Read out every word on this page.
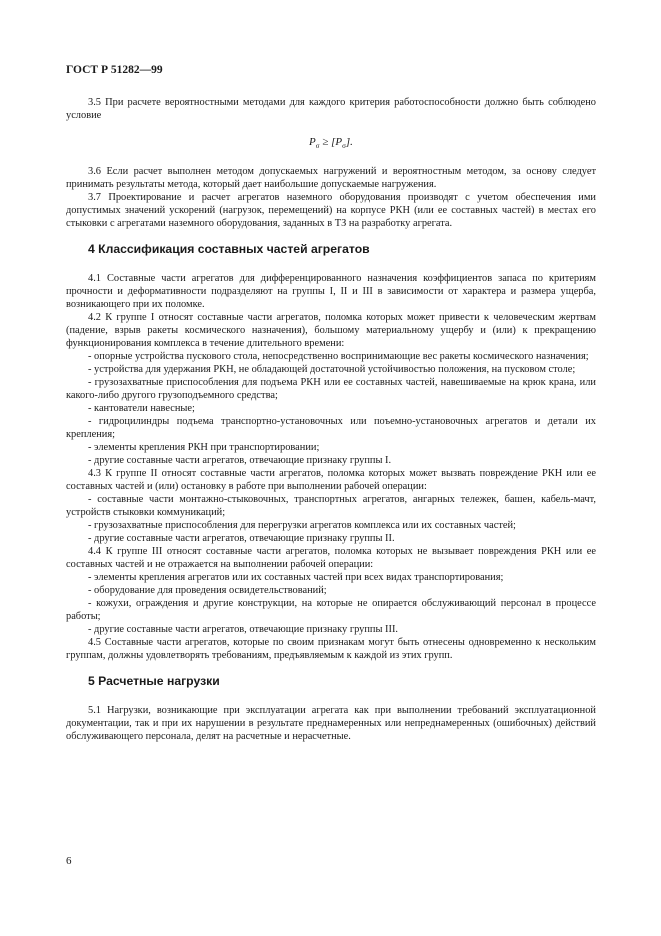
ГОСТ Р 51282—99

3.5 При расчете вероятностными методами для каждого критерия работоспособности должно быть соблюдено условие

$P_\sigma \ge [P_\sigma]$.

3.6 Если расчет выполнен методом допускаемых нагружений и вероятностным методом, за основу следует принимать результаты метода, который дает наибольшие допускаемые нагружения.

3.7 Проектирование и расчет агрегатов наземного оборудования производят с учетом обеспечения ими допустимых значений ускорений (нагрузок, перемещений) на корпусе РКН (или ее составных частей) в местах его стыковки с агрегатами наземного оборудования, заданных в ТЗ на разработку агрегата.

4 Классификация составных частей агрегатов

4.1 Составные части агрегатов для дифференцированного назначения коэффициентов запаса по критериям прочности и деформативности подразделяют на группы I, II и III в зависимости от характера и размера ущерба, возникающего при их поломке.

4.2 К группе I относят составные части агрегатов, поломка которых может привести к человеческим жертвам (падение, взрыв ракеты космического назначения), большому материальному ущербу и (или) к прекращению функционирования комплекса в течение длительного времени:

- опорные устройства пускового стола, непосредственно воспринимающие вес ракеты космического назначения;

- устройства для удержания РКН, не обладающей достаточной устойчивостью положения, на пусковом столе;

- грузозахватные приспособления для подъема РКН или ее составных частей, навешиваемые на крюк крана, или какого-либо другого грузоподъемного средства;

- кантователи навесные;

- гидроцилиндры подъема транспортно-установочных или поъемно-установочных агрегатов и детали их крепления;

- элементы крепления РКН при транспортировании;

- другие составные части агрегатов, отвечающие признаку группы I.

4.3 К группе II относят составные части агрегатов, поломка которых может вызвать повреждение РКН или ее составных частей и (или) остановку в работе при выполнении рабочей операции:

- составные части монтажно-стыковочных, транспортных агрегатов, ангарных тележек, башен, кабель-мачт, устройств стыковки коммуникаций;

- грузозахватные приспособления для перегрузки агрегатов комплекса или их составных частей;

- другие составные части агрегатов, отвечающие признаку группы II.

4.4 К группе III относят составные части агрегатов, поломка которых не вызывает повреждения РКН или ее составных частей и не отражается на выполнении рабочей операции:

- элементы крепления агрегатов или их составных частей при всех видах транспортирования;

- оборудование для проведения освидетельствований;

- кожухи, ограждения и другие конструкции, на которые не опирается обслуживающий персонал в процессе работы;

- другие составные части агрегатов, отвечающие признаку группы III.

4.5 Составные части агрегатов, которые по своим признакам могут быть отнесены одновременно к нескольким группам, должны удовлетворять требованиям, предъявляемым к каждой из этих групп.

5 Расчетные нагрузки

5.1 Нагрузки, возникающие при эксплуатации агрегата как при выполнении требований эксплуатационной документации, так и при их нарушении в результате преднамеренных или непреднамеренных (ошибочных) действий обслуживающего персонала, делят на расчетные и нерасчетные.

6
